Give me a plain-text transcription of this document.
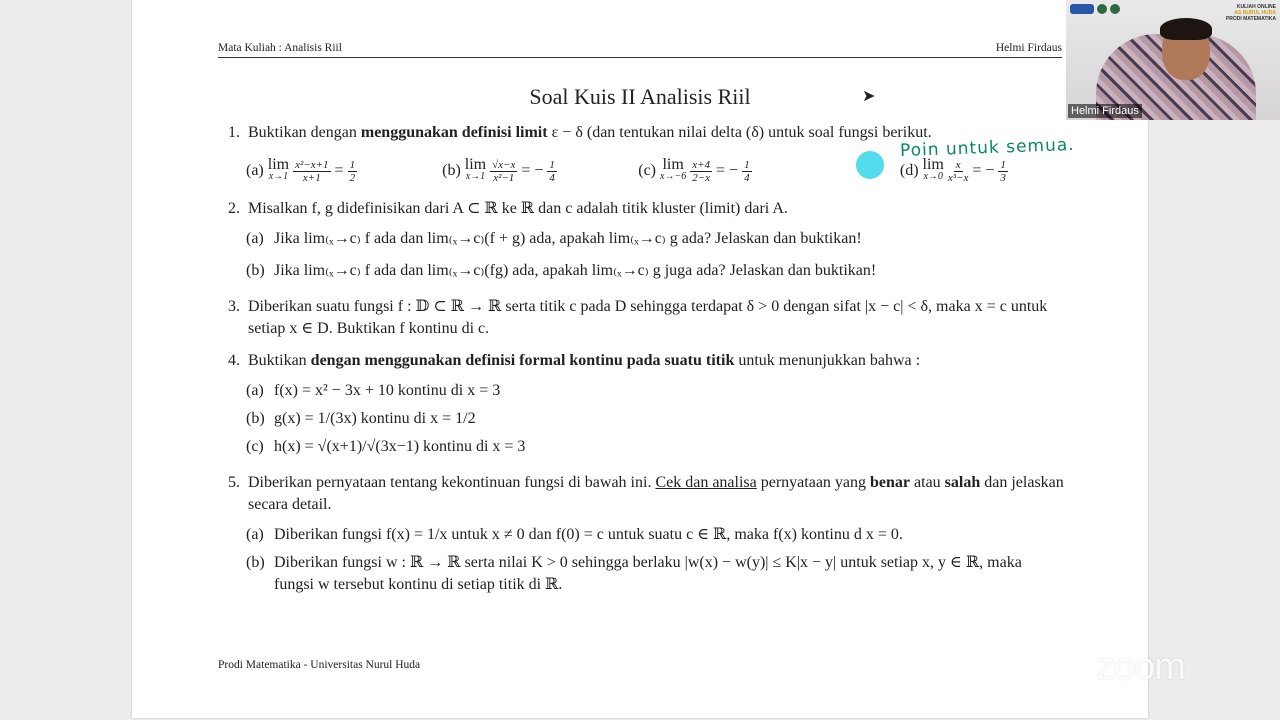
Mata Kuliah : Analisis Riil	Helmi Firdaus
Soal Kuis II Analisis Riil	➤
Poin untuk semua.
1. Buktikan dengan menggunakan definisi limit ε − δ (dan tentukan nilai delta (δ) untuk soal fungsi berikut.
(a) lim
$x\to 1 \frac{\text{x²−x+1}}{x+1} = \frac{1}{2}$	(b) lim
$x\to 1 \frac{√x-x}{\text{x²−1}}$ = − $\frac{1}{4}$	(c) lim
$x\to-6 \frac{x+4}{2-x}$ = − $\frac{1}{4}$	(d) lim
$x\to 0 \frac{x}{\text{x³−x}}$ = − $\frac{1}{3}$
2. Misalkan f, g didefinisikan dari A ⊂ ℝ ke ℝ dan c adalah titik kluster (limit) dari A.
(a) Jika lim₍ₓ→c₎ f ada dan lim₍ₓ→c₎(f + g) ada, apakah lim₍ₓ→c₎ g ada? Jelaskan dan buktikan!
(b) Jika lim₍ₓ→c₎ f ada dan lim₍ₓ→c₎(fg) ada, apakah lim₍ₓ→c₎ g juga ada? Jelaskan dan buktikan!
3. Diberikan suatu fungsi f : 𝔻 ⊂ ℝ → ℝ serta titik c pada D sehingga terdapat δ > 0 dengan sifat |x − c| < δ, maka x = c untuk setiap x ∈ D. Buktikan f kontinu di c.
4. Buktikan dengan menggunakan definisi formal kontinu pada suatu titik untuk menunjukkan bahwa :
(a) f(x) = x² − 3x + 10 kontinu di x = 3
(b) g(x) = 1/(3x) kontinu di x = 1/2
(c) h(x) = √(x+1)/√(3x−1) kontinu di x = 3
5. Diberikan pernyataan tentang kekontinuan fungsi di bawah ini. Cek dan analisa pernyataan yang benar atau salah dan jelaskan secara detail.
(a) Diberikan fungsi f(x) = 1/x untuk x ≠ 0 dan f(0) = c untuk suatu c ∈ ℝ, maka f(x) kontinu d x = 0.
(b) Diberikan fungsi w : ℝ → ℝ serta nilai K > 0 sehingga berlaku |w(x) − w(y)| ≤ K|x − y| untuk setiap x, y ∈ ℝ, maka fungsi w tersebut kontinu di setiap titik di ℝ.
Prodi Matematika - Universitas Nurul Huda
KULIAH ONLINE
AS NURUL HUDA
PRODI MATEMATIKA
Helmi Firdaus
zoom
